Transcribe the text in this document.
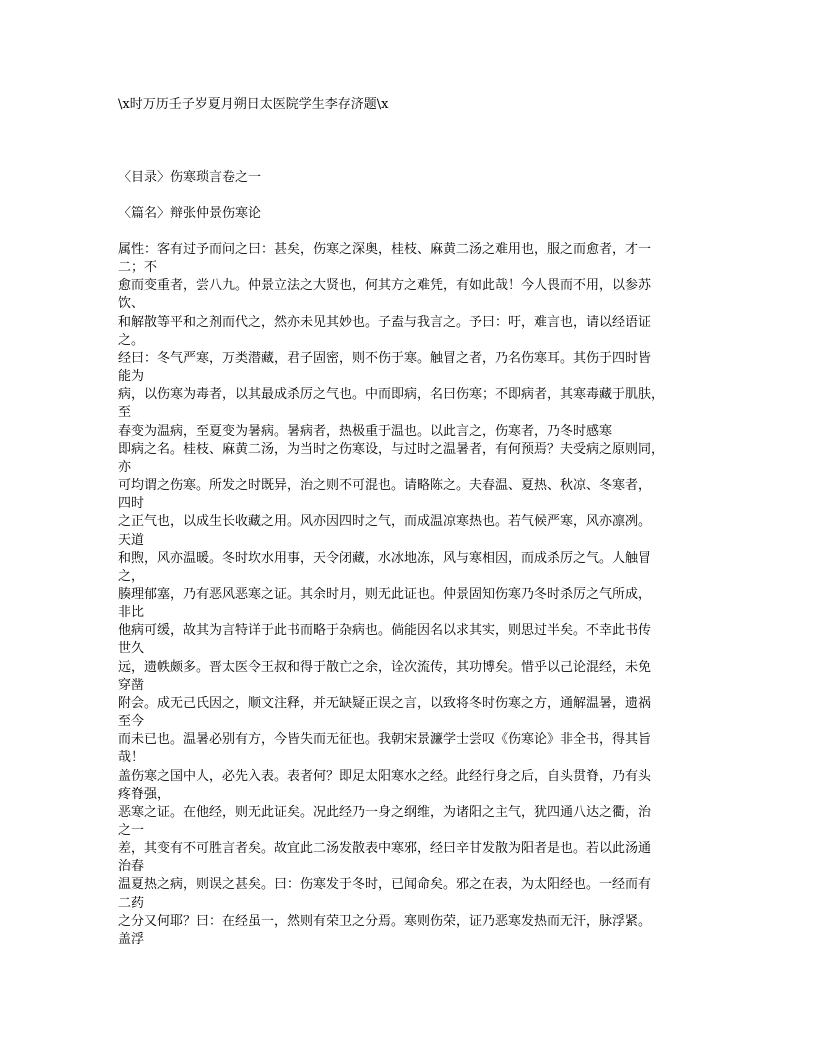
\x时万历壬子岁夏月朔日太医院学生李存济题\x
〈目录〉伤寒琐言卷之一
〈篇名〉辩张仲景伤寒论
属性：客有过予而问之曰：甚矣，伤寒之深奥，桂枝、麻黄二汤之难用也，服之而愈者，才一
二；不
愈而变重者，尝八九。仲景立法之大贤也，何其方之难凭，有如此哉！今人畏而不用，以参苏
饮、
和解散等平和之剂而代之，然亦未见其妙也。子盍与我言之。予曰：吁，难言也，请以经语证
之。
经曰：冬气严寒，万类潜藏，君子固密，则不伤于寒。触冒之者，乃名伤寒耳。其伤于四时皆
能为
病，以伤寒为毒者，以其最成杀厉之气也。中而即病，名曰伤寒；不即病者，其寒毒藏于肌肤，
至
春变为温病，至夏变为暑病。暑病者，热极重于温也。以此言之，伤寒者，乃冬时感寒
即病之名。桂枝、麻黄二汤，为当时之伤寒设，与过时之温暑者，有何预焉？夫受病之原则同，
亦
可均谓之伤寒。所发之时既异，治之则不可混也。请略陈之。夫春温、夏热、秋凉、冬寒者，
四时
之正气也，以成生长收藏之用。风亦因四时之气，而成温凉寒热也。若气候严寒，风亦凛冽。
天道
和煦，风亦温暖。冬时坎水用事，天令闭藏，水冰地冻，风与寒相因，而成杀厉之气。人触冒
之，
腠理郁塞，乃有恶风恶寒之证。其余时月，则无此证也。仲景固知伤寒乃冬时杀厉之气所成，
非比
他病可缓，故其为言特详于此书而略于杂病也。倘能因名以求其实，则思过半矣。不幸此书传
世久
远，遗帙颇多。晋太医令王叔和得于散亡之余，诠次流传，其功博矣。惜乎以己论混经，未免
穿凿
附会。成无己氏因之，顺文注释，并无缺疑正误之言，以致将冬时伤寒之方，通解温暑，遗祸
至今
而未已也。温暑必别有方，今皆失而无征也。我朝宋景濂学士尝叹《伤寒论》非全书，得其旨
哉！
盖伤寒之国中人，必先入表。表者何？即足太阳寒水之经。此经行身之后，自头贯脊，乃有头
疼脊强，
恶寒之证。在他经，则无此证矣。况此经乃一身之纲维，为诸阳之主气，犹四通八达之衢，治
之一
差，其变有不可胜言者矣。故宜此二汤发散表中寒邪，经曰辛甘发散为阳者是也。若以此汤通
治春
温夏热之病，则误之甚矣。曰：伤寒发于冬时，已闻命矣。邪之在表，为太阳经也。一经而有
二药
之分又何耶？曰：在经虽一，然则有荣卫之分焉。寒则伤荣，证乃恶寒发热而无汗，脉浮紧。
盖浮
